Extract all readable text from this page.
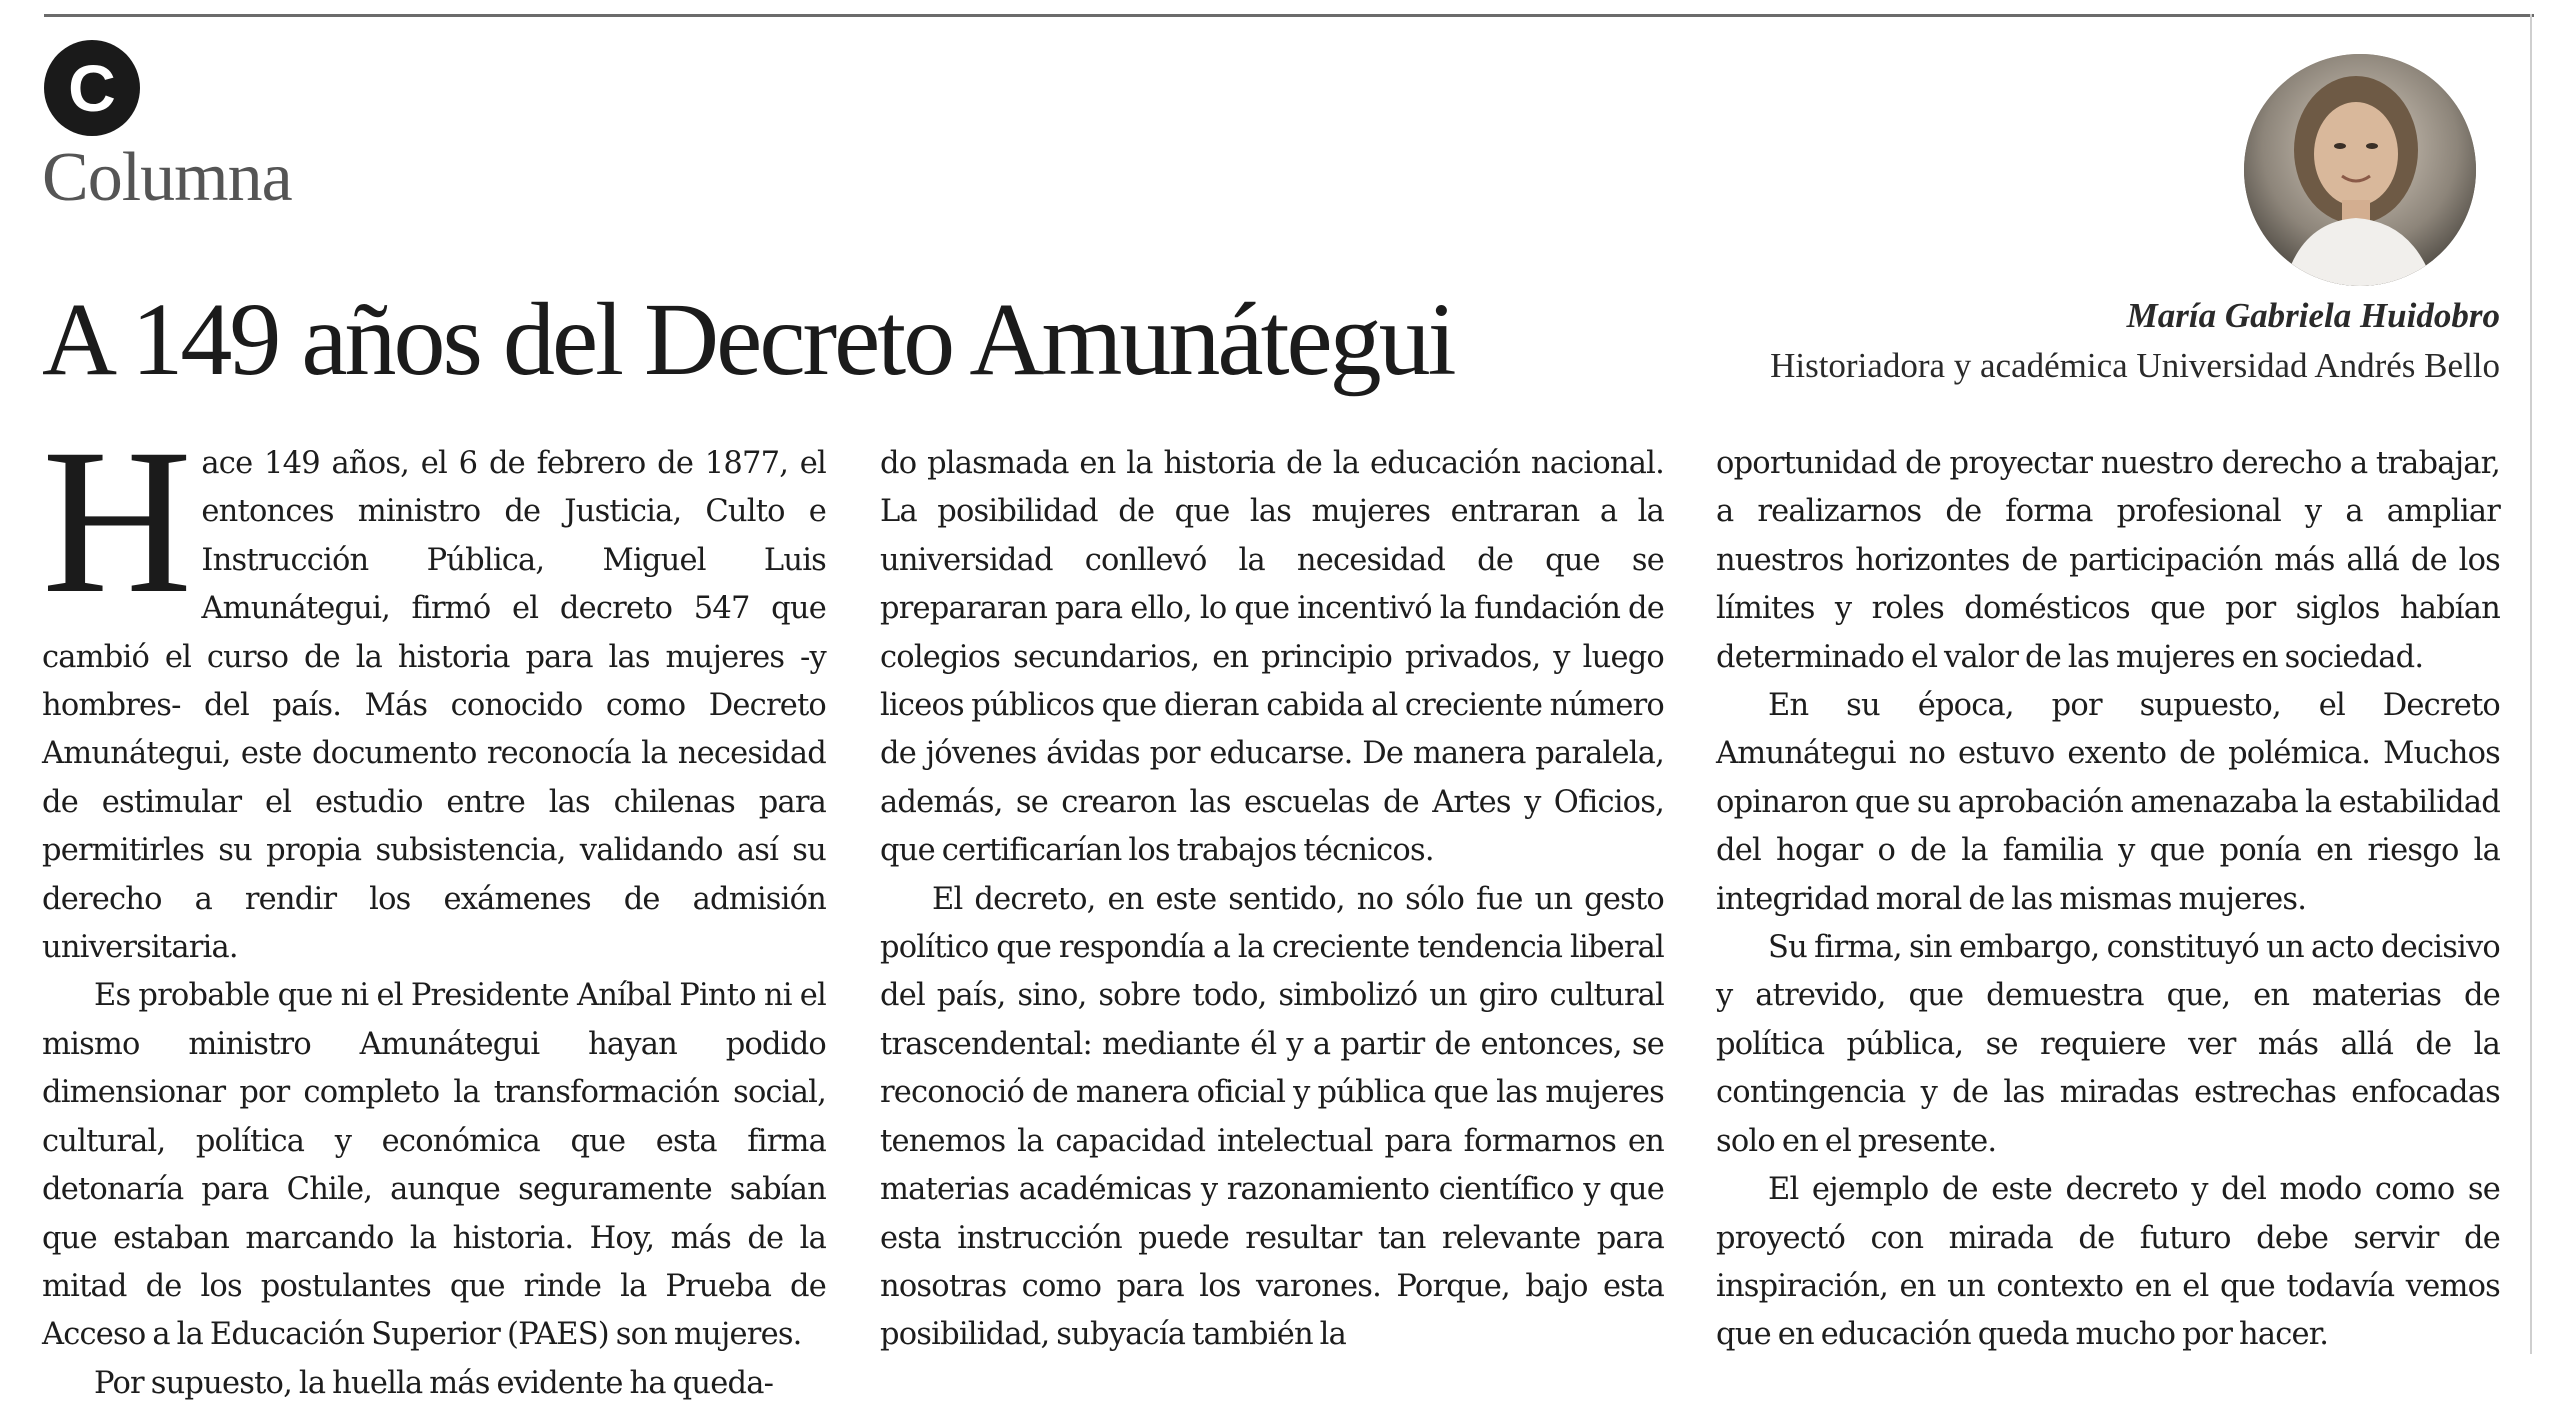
C
Columna
A 149 años del Decreto Amunátegui	María Gabriela Huidobro
Historiadora y académica Universidad Andrés Bello

Hace 149 años, el 6 de febrero de 1877, el entonces ministro de Justicia, Culto e Instrucción Pública, Miguel Luis Amunátegui, firmó el decreto 547 que cambió el curso de la historia para las mujeres -y hombres- del país. Más conocido como Decreto Amunátegui, este documento reconocía la necesidad de estimular el estudio entre las chilenas para permitirles su propia subsistencia, validando así su derecho a rendir los exámenes de admisión universitaria.

Es probable que ni el Presidente Aníbal Pinto ni el mismo ministro Amunátegui hayan podido dimensionar por completo la transformación social, cultural, política y económica que esta firma detonaría para Chile, aunque seguramente sabían que estaban marcando la historia. Hoy, más de la mitad de los postulantes que rinde la Prueba de Acceso a la Educación Superior (PAES) son mujeres.

Por supuesto, la huella más evidente ha queda-

do plasmada en la historia de la educación nacional. La posibilidad de que las mujeres entraran a la universidad conllevó la necesidad de que se prepararan para ello, lo que incentivó la fundación de colegios secundarios, en principio privados, y luego liceos públicos que dieran cabida al creciente número de jóvenes ávidas por educarse. De manera paralela, además, se crearon las escuelas de Artes y Oficios, que certificarían los trabajos técnicos.

El decreto, en este sentido, no sólo fue un gesto político que respondía a la creciente tendencia liberal del país, sino, sobre todo, simbolizó un giro cultural trascendental: mediante él y a partir de entonces, se reconoció de manera oficial y pública que las mujeres tenemos la capacidad intelectual para formarnos en materias académicas y razonamiento científico y que esta instrucción puede resultar tan relevante para nosotras como para los varones. Porque, bajo esta posibilidad, subyacía también la

oportunidad de proyectar nuestro derecho a trabajar, a realizarnos de forma profesional y a ampliar nuestros horizontes de participación más allá de los límites y roles domésticos que por siglos habían determinado el valor de las mujeres en sociedad.

En su época, por supuesto, el Decreto Amunátegui no estuvo exento de polémica. Muchos opinaron que su aprobación amenazaba la estabilidad del hogar o de la familia y que ponía en riesgo la integridad moral de las mismas mujeres.

Su firma, sin embargo, constituyó un acto decisivo y atrevido, que demuestra que, en materias de política pública, se requiere ver más allá de la contingencia y de las miradas estrechas enfocadas solo en el presente.

El ejemplo de este decreto y del modo como se proyectó con mirada de futuro debe servir de inspiración, en un contexto en el que todavía vemos que en educación queda mucho por hacer.
